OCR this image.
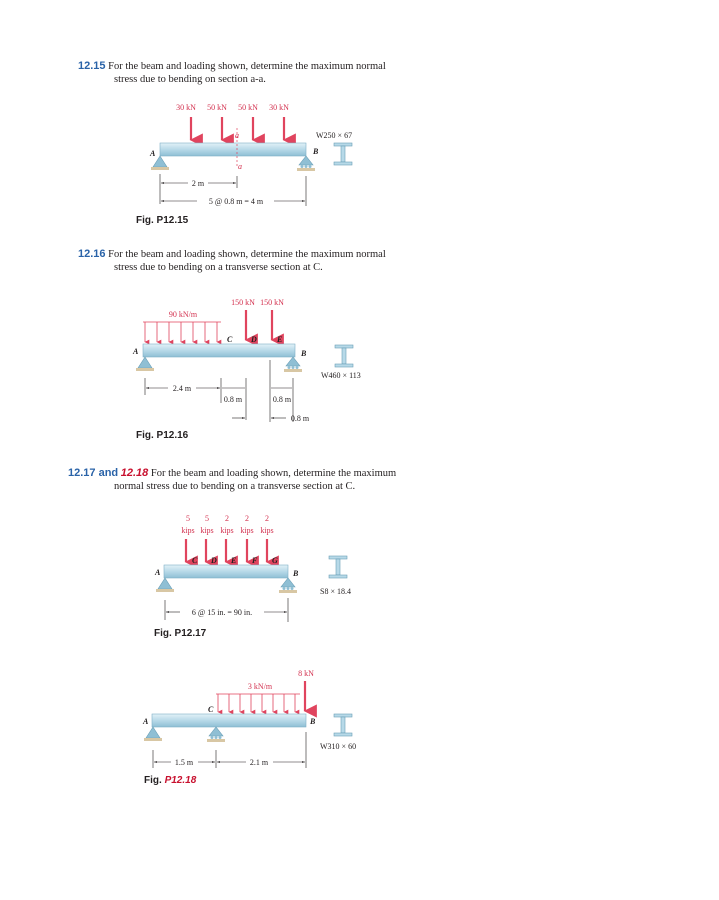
12.15 For the beam and loading shown, determine the maximum normal
stress due to bending on section a-a.
Fig. P12.15
12.16 For the beam and loading shown, determine the maximum normal
stress due to bending on a transverse section at C.
Fig. P12.16
12.17 and 12.18 For the beam and loading shown, determine the maximum
normal stress due to bending on a transverse section at C.
Fig. P12.17
Fig. P12.18
30 kN 50 kN 50 kN 30 kN
a
a
A	B
W250 × 67
2 m
5 @ 0.8 m = 4 m
90 kN/m
150 kN 150 kN
A
C D	E
B
W460 × 113
2.4 m
0.8 m	0.8 m
0.8 m
5 5 2 2 2
kips kips kips kips kips
A
C D E F G
B
S8 × 18.4
6 @ 15 in. = 90 in.
3 kN/m
8 kN
A
C
B
W310 × 60
1.5 m	2.1 m
